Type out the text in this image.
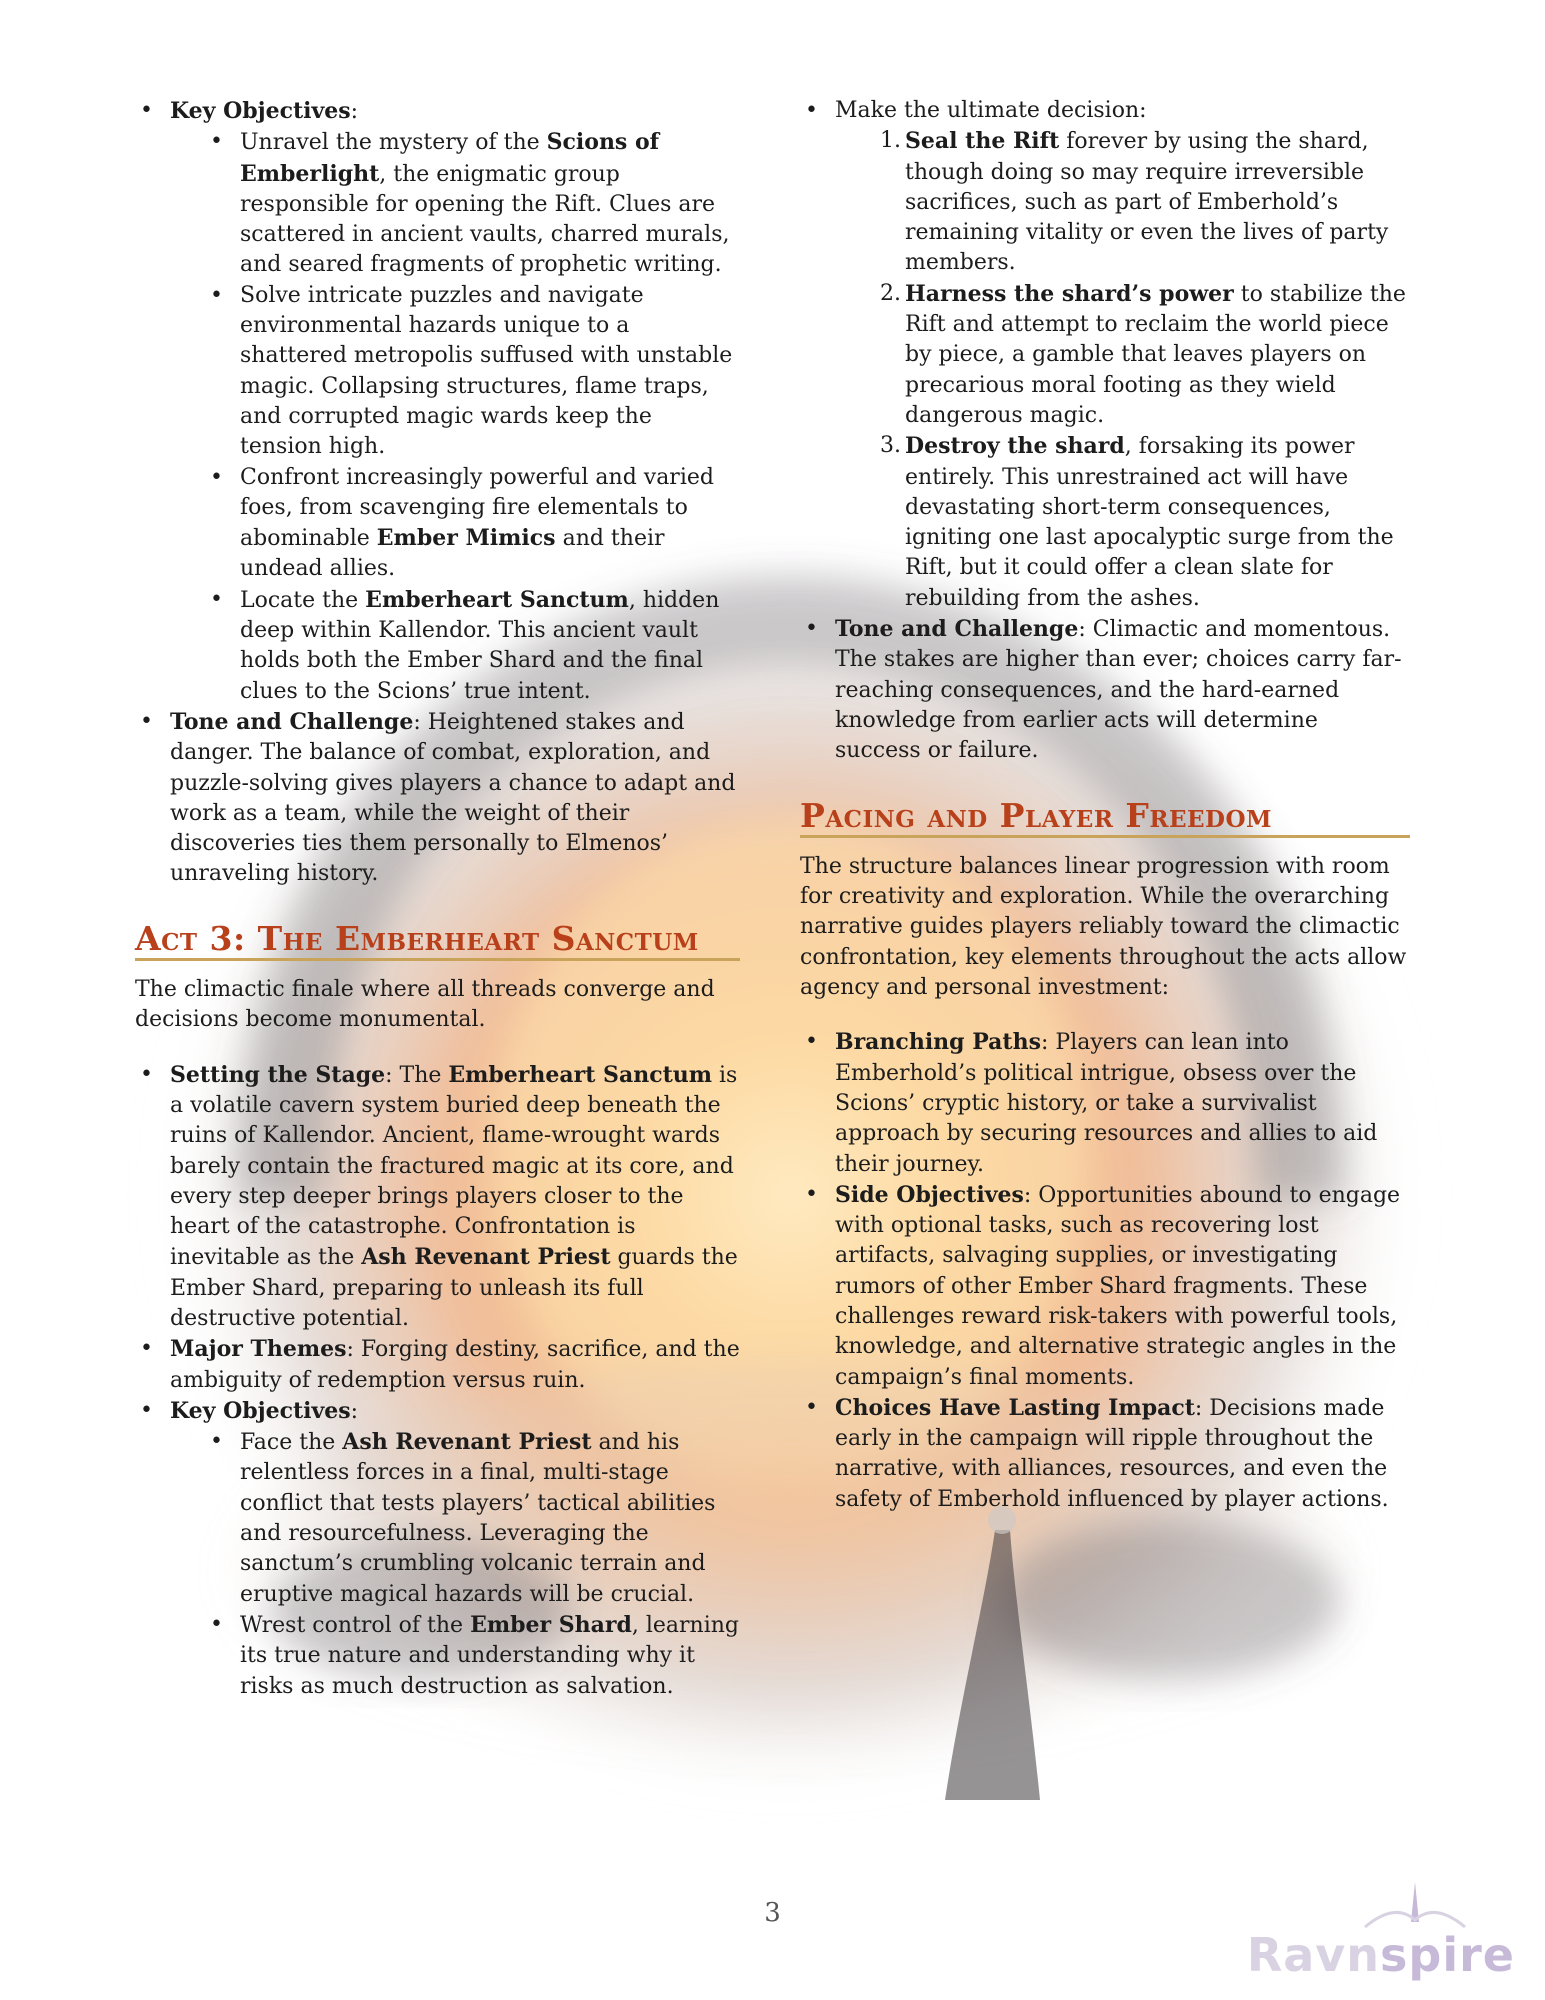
• Key Objectives:
• Unravel the mystery of the Scions of Emberlight, the enigmatic group responsible for opening the Rift. Clues are scattered in ancient vaults, charred murals, and seared fragments of prophetic writing.
• Solve intricate puzzles and navigate environmental hazards unique to a shattered metropolis suffused with unstable magic. Collapsing structures, flame traps, and corrupted magic wards keep the tension high.
• Confront increasingly powerful and varied foes, from scavenging fire elementals to abominable Ember Mimics and their undead allies.
• Locate the Emberheart Sanctum, hidden deep within Kallendor. This ancient vault holds both the Ember Shard and the final clues to the Scions’ true intent.
• Tone and Challenge: Heightened stakes and danger. The balance of combat, exploration, and puzzle-solving gives players a chance to adapt and work as a team, while the weight of their discoveries ties them personally to Elmenos’ unraveling history.
Act 3: The Emberheart Sanctum

The climactic finale where all threads converge and decisions become monumental.

• Setting the Stage: The Emberheart Sanctum is a volatile cavern system buried deep beneath the ruins of Kallendor. Ancient, flame-wrought wards barely contain the fractured magic at its core, and every step deeper brings players closer to the heart of the catastrophe. Confrontation is inevitable as the Ash Revenant Priest guards the Ember Shard, preparing to unleash its full destructive potential.
• Major Themes: Forging destiny, sacrifice, and the ambiguity of redemption versus ruin.
• Key Objectives:
• Face the Ash Revenant Priest and his relentless forces in a final, multi-stage conflict that tests players’ tactical abilities and resourcefulness. Leveraging the sanctum’s crumbling volcanic terrain and eruptive magical hazards will be crucial.
• Wrest control of the Ember Shard, learning its true nature and understanding why it risks as much destruction as salvation.
• Make the ultimate decision:
1. Seal the Rift forever by using the shard, though doing so may require irreversible sacrifices, such as part of Emberhold’s remaining vitality or even the lives of party members.
2. Harness the shard’s power to stabilize the Rift and attempt to reclaim the world piece by piece, a gamble that leaves players on precarious moral footing as they wield dangerous magic.
3. Destroy the shard, forsaking its power entirely. This unrestrained act will have devastating short-term consequences, igniting one last apocalyptic surge from the Rift, but it could offer a clean slate for rebuilding from the ashes.
• Tone and Challenge: Climactic and momentous. The stakes are higher than ever; choices carry far-reaching consequences, and the hard-earned knowledge from earlier acts will determine success or failure.
Pacing and Player Freedom

The structure balances linear progression with room for creativity and exploration. While the overarching narrative guides players reliably toward the climactic confrontation, key elements throughout the acts allow agency and personal investment:

• Branching Paths: Players can lean into Emberhold’s political intrigue, obsess over the Scions’ cryptic history, or take a survivalist approach by securing resources and allies to aid their journey.
• Side Objectives: Opportunities abound to engage with optional tasks, such as recovering lost artifacts, salvaging supplies, or investigating rumors of other Ember Shard fragments. These challenges reward risk-takers with powerful tools, knowledge, and alternative strategic angles in the campaign’s final moments.
• Choices Have Lasting Impact: Decisions made early in the campaign will ripple throughout the narrative, with alliances, resources, and even the safety of Emberhold influenced by player actions.
3
Ravnspire
